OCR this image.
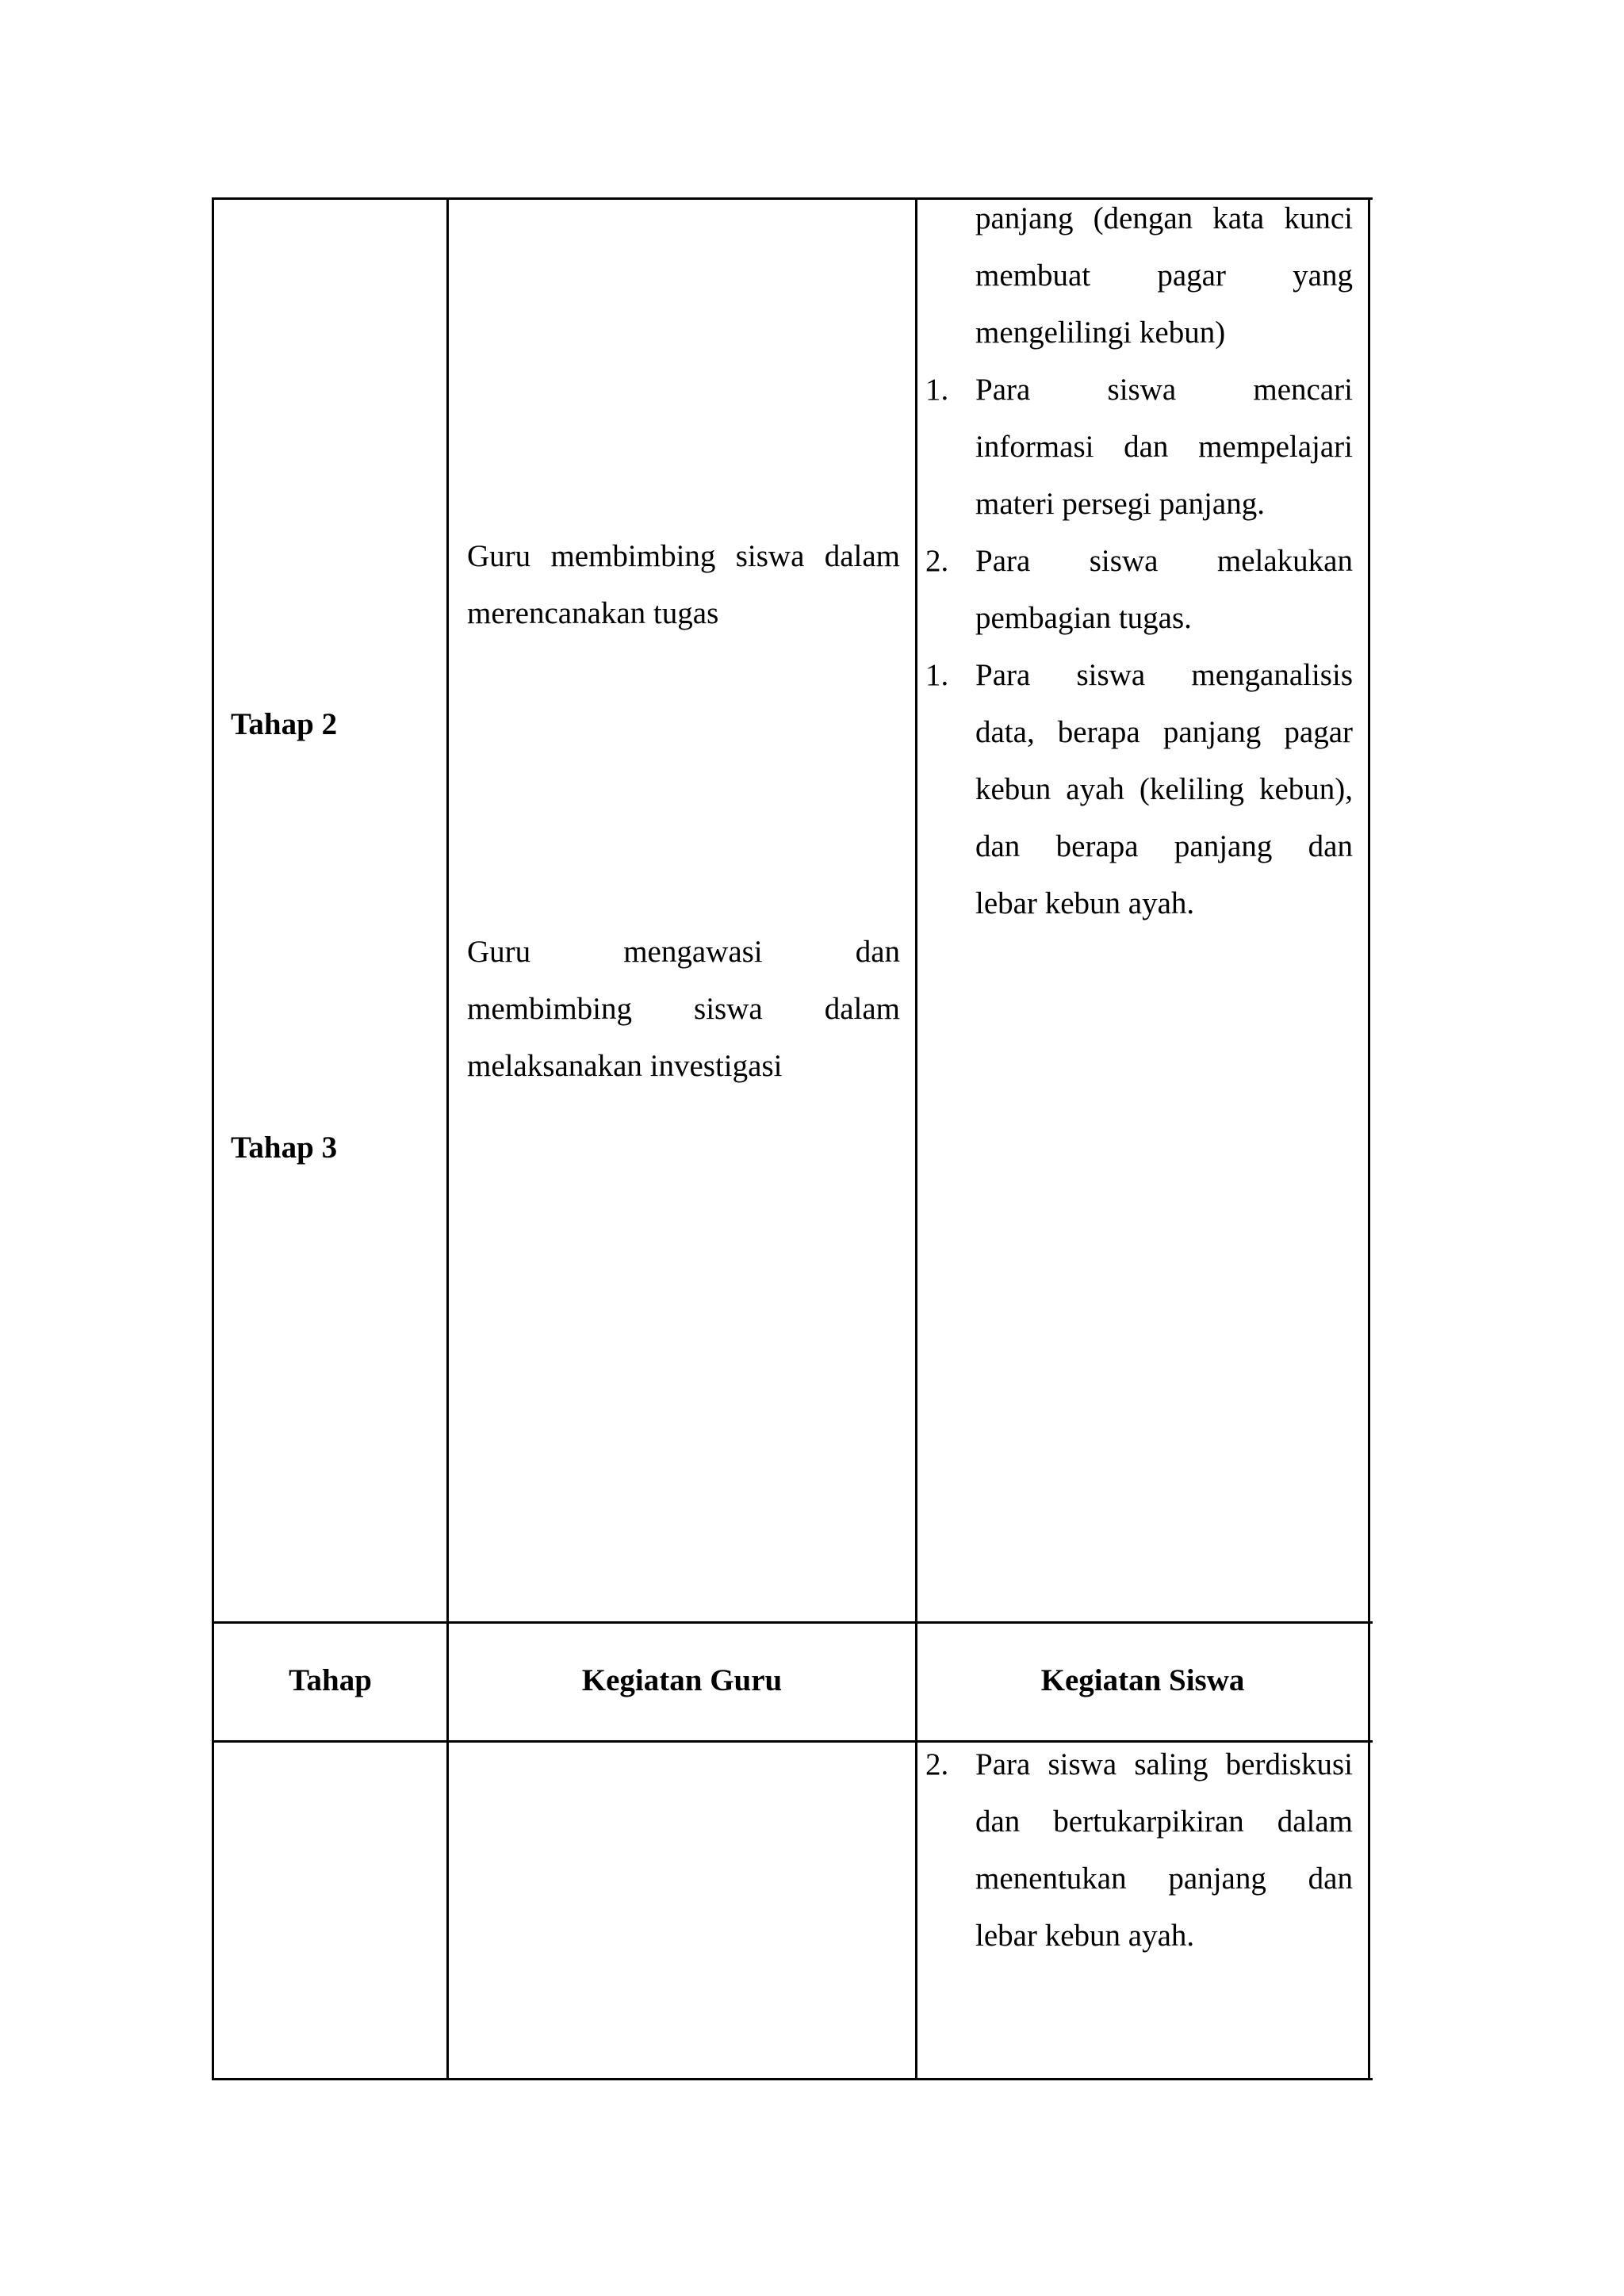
Tahap 2
Tahap 3
Guru membimbing siswa dalam
merencanakan tugas
Guru mengawasi dan
membimbing siswa dalam
melaksanakan investigasi
panjang (dengan kata kunci
membuat pagar yang
mengelilingi kebun)
1. Para siswa mencari
informasi dan mempelajari
materi persegi panjang.
2. Para siswa melakukan
pembagian tugas.
1. Para siswa menganalisis
data, berapa panjang pagar
kebun ayah (keliling kebun),
dan berapa panjang dan
lebar kebun ayah.
Tahap	Kegiatan Guru	Kegiatan Siswa
2. Para siswa saling berdiskusi
dan bertukarpikiran dalam
menentukan panjang dan
lebar kebun ayah.
